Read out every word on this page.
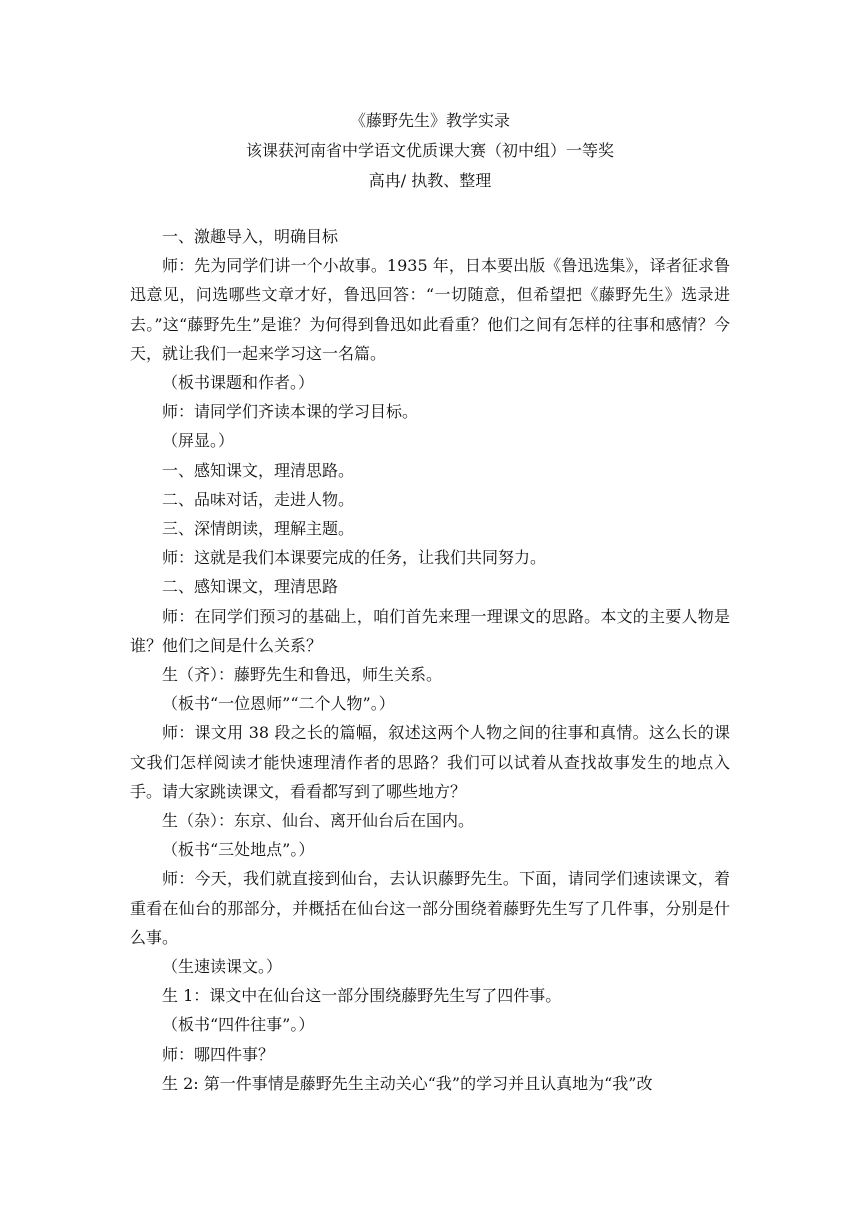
《藤野先生》教学实录
该课获河南省中学语文优质课大赛（初中组）一等奖
高冉/ 执教、整理

一、激趣导入，明确目标

师：先为同学们讲一个小故事。1935 年，日本要出版《鲁迅选集》，译者征求鲁迅意见，问选哪些文章才好，鲁迅回答：“一切随意，但希望把《藤野先生》选录进去。”这“藤野先生”是谁？为何得到鲁迅如此看重？他们之间有怎样的往事和感情？今天，就让我们一起来学习这一名篇。

（板书课题和作者。）

师：请同学们齐读本课的学习目标。

（屏显。）

一、感知课文，理清思路。

二、品味对话，走进人物。

三、深情朗读，理解主题。

师：这就是我们本课要完成的任务，让我们共同努力。

二、感知课文，理清思路

师：在同学们预习的基础上，咱们首先来理一理课文的思路。本文的主要人物是谁？他们之间是什么关系？

生（齐）：藤野先生和鲁迅，师生关系。

（板书“一位恩师”“二个人物”。）

师：课文用 38 段之长的篇幅，叙述这两个人物之间的往事和真情。这么长的课文我们怎样阅读才能快速理清作者的思路？我们可以试着从查找故事发生的地点入手。请大家跳读课文，看看都写到了哪些地方？

生（杂）：东京、仙台、离开仙台后在国内。

（板书“三处地点”。）

师：今天，我们就直接到仙台，去认识藤野先生。下面，请同学们速读课文，着重看在仙台的那部分，并概括在仙台这一部分围绕着藤野先生写了几件事，分别是什么事。

（生速读课文。）

生 1：课文中在仙台这一部分围绕藤野先生写了四件事。

（板书“四件往事”。）

师：哪四件事？

生 2: 第一件事情是藤野先生主动关心“我”的学习并且认真地为“我”改
